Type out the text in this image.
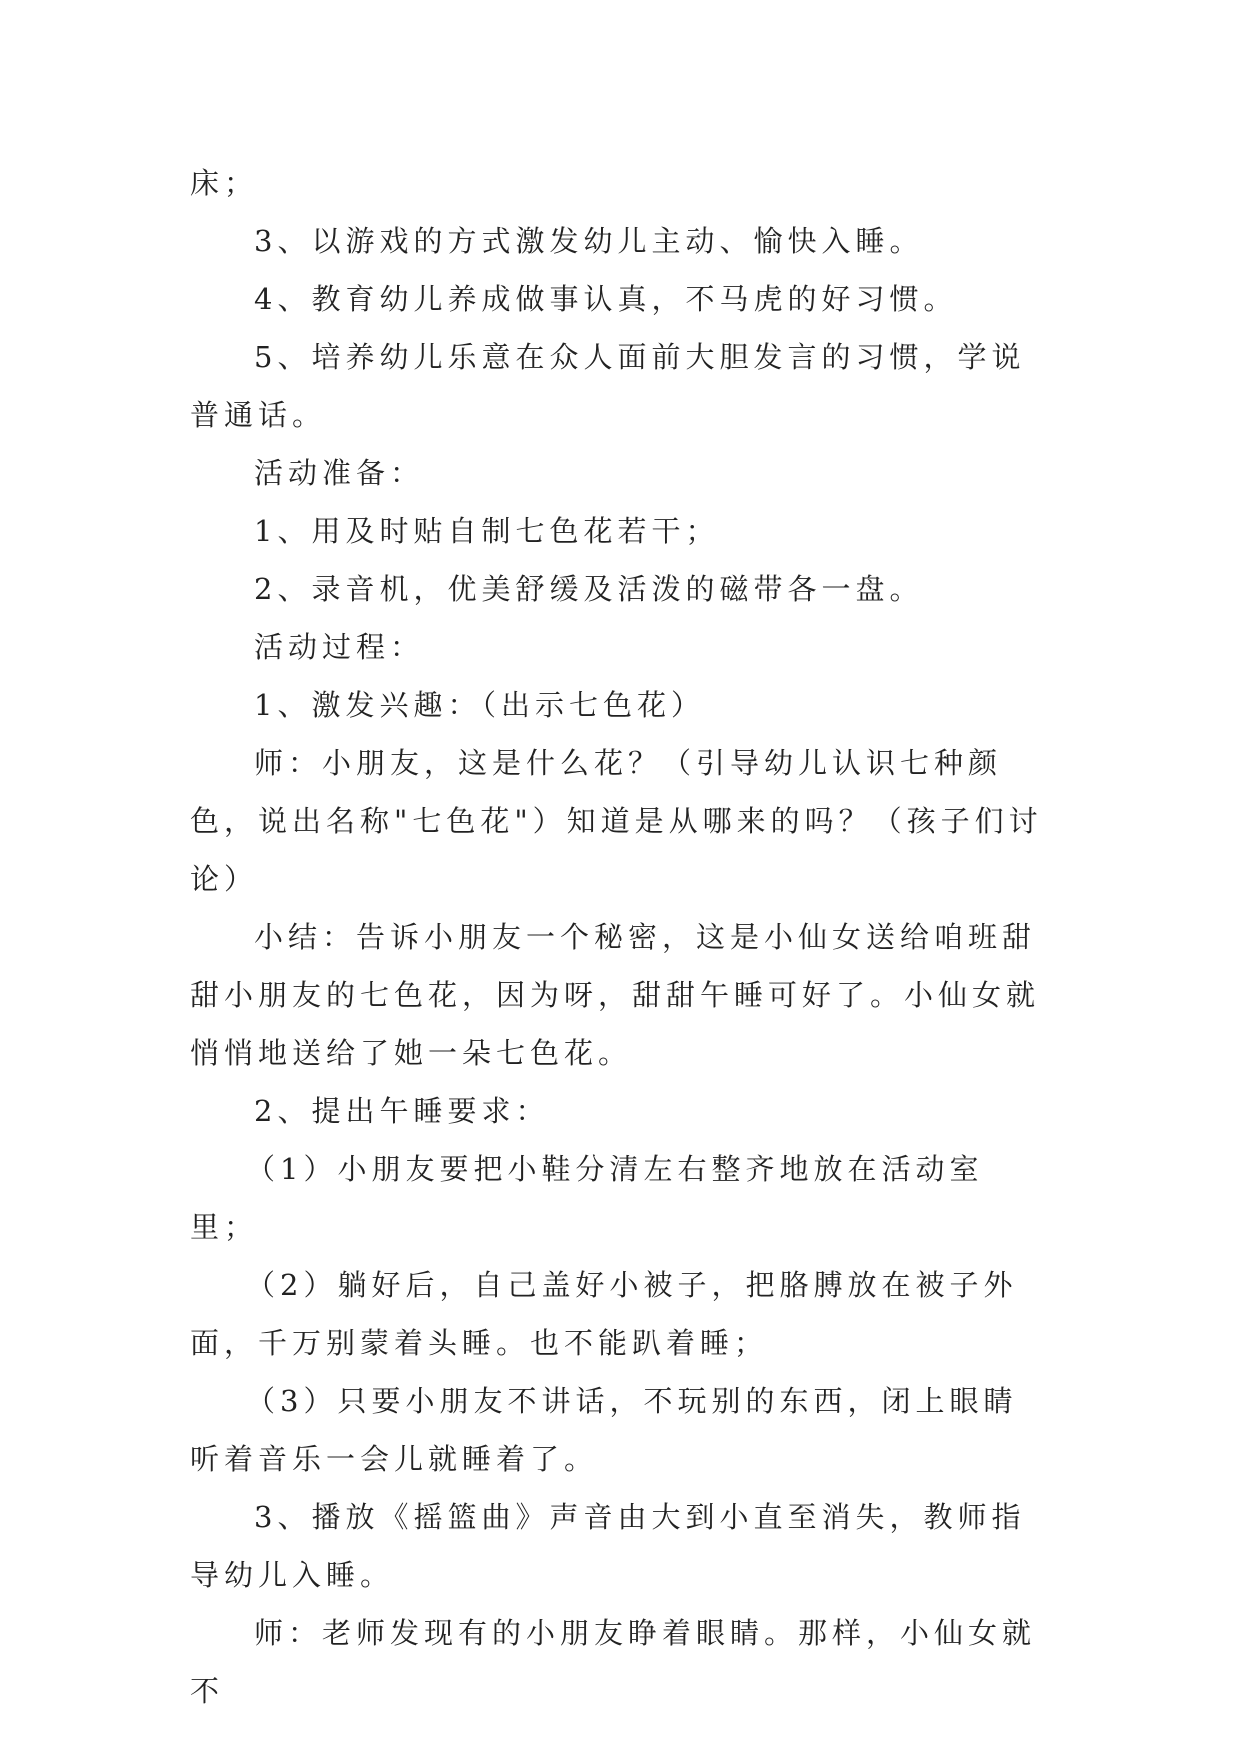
床；

3、以游戏的方式激发幼儿主动、愉快入睡。

4、教育幼儿养成做事认真，不马虎的好习惯。

5、培养幼儿乐意在众人面前大胆发言的习惯，学说普通话。

活动准备：

1、用及时贴自制七色花若干；

2、录音机，优美舒缓及活泼的磁带各一盘。

活动过程：

1、激发兴趣：（出示七色花）

师：小朋友，这是什么花？（引导幼儿认识七种颜色，说出名称"七色花"）知道是从哪来的吗？（孩子们讨论）

小结：告诉小朋友一个秘密，这是小仙女送给咱班甜甜小朋友的七色花，因为呀，甜甜午睡可好了。小仙女就悄悄地送给了她一朵七色花。

2、提出午睡要求：

（1）小朋友要把小鞋分清左右整齐地放在活动室里；

（2）躺好后，自己盖好小被子，把胳膊放在被子外面，千万别蒙着头睡。也不能趴着睡；

（3）只要小朋友不讲话，不玩别的东西，闭上眼睛听着音乐一会儿就睡着了。

3、播放《摇篮曲》声音由大到小直至消失，教师指导幼儿入睡。

师：老师发现有的小朋友睁着眼睛。那样，小仙女就不
